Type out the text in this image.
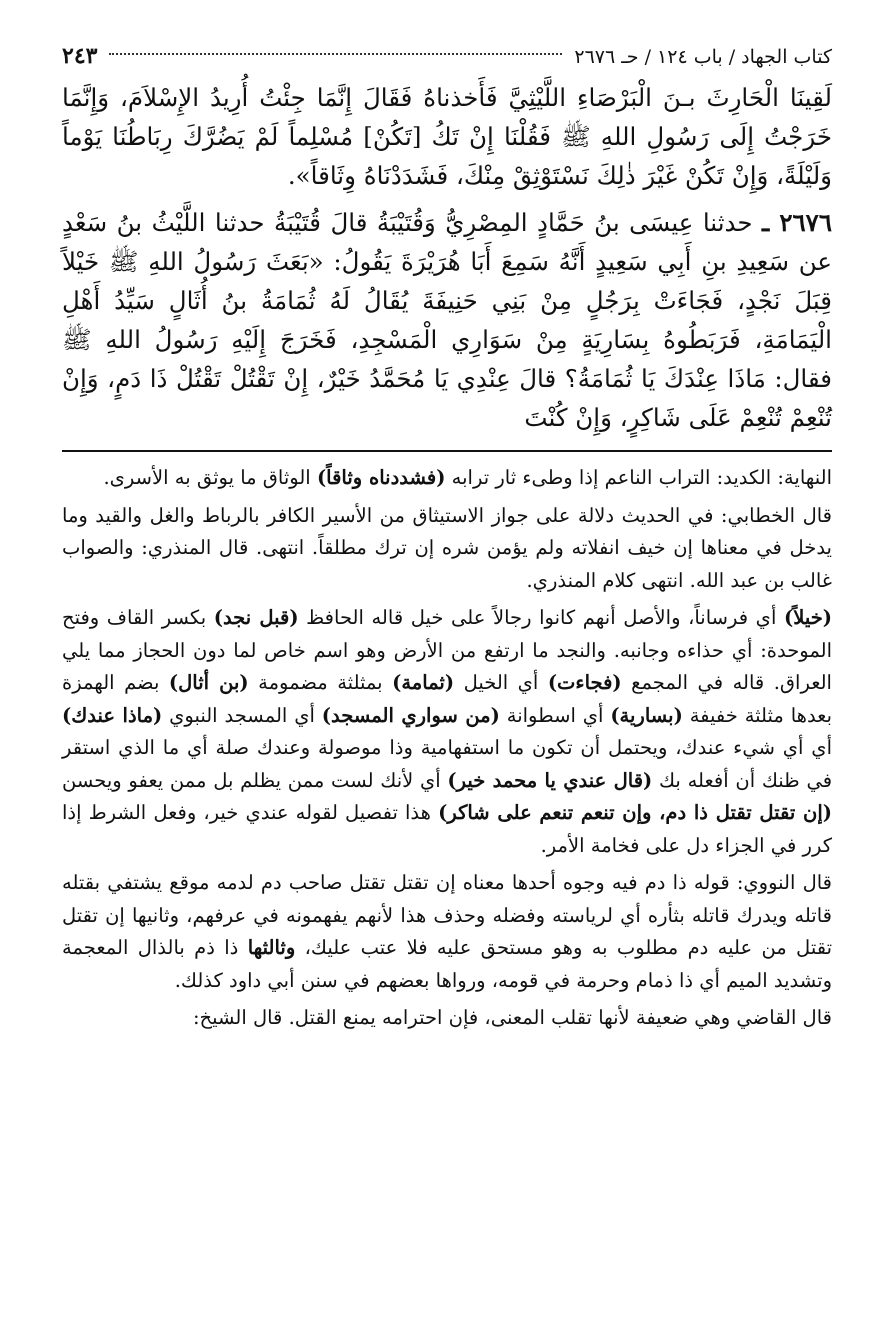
كتاب الجهاد / باب ١٢٤ / حـ ٢٦٧٦
٢٤٣

لَقِينَا الْحَارِثَ بـنَ الْبَرْصَاءِ اللَّيْثِيَّ فَأَخذناهُ فَقَالَ إِنَّمَا جِئْتُ أُرِيدُ الإِسْلاَمَ، وَإِنَّمَا خَرَجْتُ إِلَى رَسُولِ اللهِ ﷺ فَقُلْنَا إِنْ تَكُ [تَكُنْ] مُسْلِماً لَمْ يَضُرَّكَ رِبَاطُنَا يَوْماً وَلَيْلَةً، وَإِنْ تَكُنْ غَيْرَ ذٰلِكَ نَسْتَوْثِقْ مِنْكَ، فَشَدَدْنَاهُ وِثَاقاً».

٢٦٧٦ ـ حدثنا عِيسَى بنُ حَمَّادٍ المِصْرِيُّ وَقُتَيْبَةُ قالَ قُتَيْبَةُ حدثنا اللَّيْثُ بنُ سَعْدٍ عن سَعِيدِ بنِ أَبِي سَعِيدٍ أَنَّهُ سَمِعَ أَبَا هُرَيْرَةَ يَقُولُ: «بَعَثَ رَسُولُ اللهِ ﷺ خَيْلاً قِبَلَ نَجْدٍ، فَجَاءَتْ بِرَجُلٍ مِنْ بَنِي حَنِيفَةَ يُقَالُ لَهُ ثُمَامَةُ بنُ أُثَالٍ سَيِّدُ أَهْلِ الْيَمَامَةِ، فَرَبَطُوهُ بِسَارِيَةٍ مِنْ سَوَارِي الْمَسْجِدِ، فَخَرَجَ إِلَيْهِ رَسُولُ اللهِ ﷺ فقال: مَاذَا عِنْدَكَ يَا ثُمَامَةُ؟ قالَ عِنْدِي يَا مُحَمَّدُ خَيْرٌ، إِنْ تَقْتُلْ تَقْتُلْ ذَا دَمٍ، وَإِنْ تُنْعِمْ تُنْعِمْ عَلَى شَاكِرٍ، وَإِنْ كُنْتَ

النهاية: الكديد: التراب الناعم إذا وطىء ثار ترابه (فشددناه وثاقاً) الوثاق ما يوثق به الأسرى.

قال الخطابي: في الحديث دلالة على جواز الاستيثاق من الأسير الكافر بالرباط والغل والقيد وما يدخل في معناها إن خيف انفلاته ولم يؤمن شره إن ترك مطلقاً. انتهى. قال المنذري: والصواب غالب بن عبد الله. انتهى كلام المنذري.

(خيلاً) أي فرساناً، والأصل أنهم كانوا رجالاً على خيل قاله الحافظ (قبل نجد) بكسر القاف وفتح الموحدة: أي حذاءه وجانبه. والنجد ما ارتفع من الأرض وهو اسم خاص لما دون الحجاز مما يلي العراق. قاله في المجمع (فجاءت) أي الخيل (ثمامة) بمثلثة مضمومة (بن أثال) بضم الهمزة بعدها مثلثة خفيفة (بسارية) أي اسطوانة (من سواري المسجد) أي المسجد النبوي (ماذا عندك) أي أي شيء عندك، ويحتمل أن تكون ما استفهامية وذا موصولة وعندك صلة أي ما الذي استقر في ظنك أن أفعله بك (قال عندي يا محمد خير) أي لأنك لست ممن يظلم بل ممن يعفو ويحسن (إن تقتل تقتل ذا دم، وإن تنعم تنعم على شاكر) هذا تفصيل لقوله عندي خير، وفعل الشرط إذا كرر في الجزاء دل على فخامة الأمر.

قال النووي: قوله ذا دم فيه وجوه أحدها معناه إن تقتل تقتل صاحب دم لدمه موقع يشتفي بقتله قاتله ويدرك قاتله بثأره أي لرياسته وفضله وحذف هذا لأنهم يفهمونه في عرفهم، وثانيها إن تقتل تقتل من عليه دم مطلوب به وهو مستحق عليه فلا عتب عليك، وثالثها ذا ذم بالذال المعجمة وتشديد الميم أي ذا ذمام وحرمة في قومه، ورواها بعضهم في سنن أبي داود كذلك.

قال القاضي وهي ضعيفة لأنها تقلب المعنى، فإن احترامه يمنع القتل. قال الشيخ:
